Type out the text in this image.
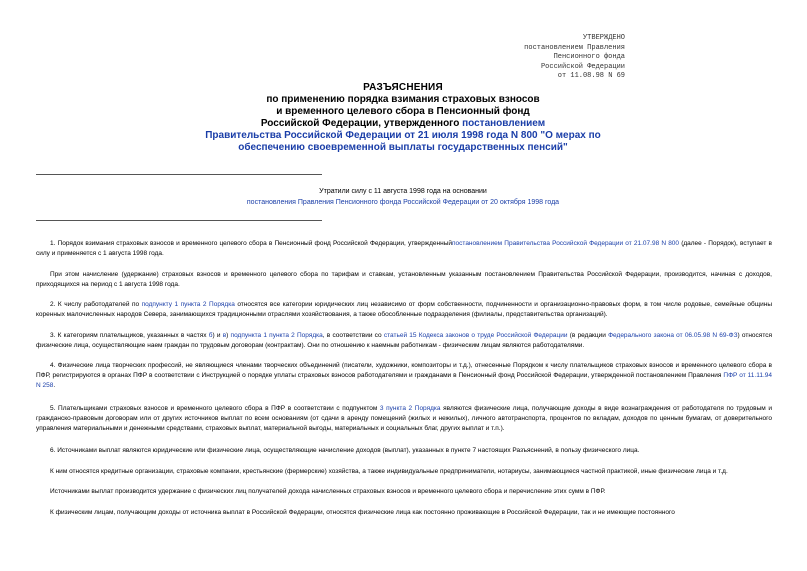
УТВЕРЖДЕНО
постановлением Правления
Пенсионного фонда
Российской Федерации
от 11.08.98 N 69
РАЗЪЯСНЕНИЯ
по применению порядка взимания страховых взносов
и временного целевого сбора в Пенсионный фонд
Российской Федерации, утвержденного постановлением
Правительства Российской Федерации от 21 июля 1998 года N 800 "О мерах по обеспечению своевременной выплаты государственных пенсий"
Утратили силу с 11 августа 1998 года на основании
постановления Правления Пенсионного фонда Российской Федерации от 20 октября 1998 года

1. Порядок взимания страховых взносов и временного целевого сбора в Пенсионный фонд Российской Федерации, утвержденныйпостановлением Правительства Российской Федерации от 21.07.98 N 800 (далее - Порядок), вступает в силу и применяется с 1 августа 1998 года.

При этом начисление (удержание) страховых взносов и временного целевого сбора по тарифам и ставкам, установленным указанным постановлением Правительства Российской Федерации, производится, начиная с доходов, приходящихся на период с 1 августа 1998 года.

2. К числу работодателей по подпункту 1 пункта 2 Порядка относятся все категории юридических лиц независимо от форм собственности, подчиненности и организационно-правовых форм, в том числе родовые, семейные общины коренных малочисленных народов Севера, занимающихся традиционными отраслями хозяйствования, а также обособленные подразделения (филиалы, представительства организаций).

3. К категориям плательщиков, указанных в частях б) и в) подпункта 1 пункта 2 Порядка, в соответствии со статьей 15 Кодекса законов о труде Российской Федерации (в редакции Федерального закона от 06.05.98 N 69-ФЗ) относятся физические лица, осуществляющие наем граждан по трудовым договорам (контрактам). Они по отношению к наемным работникам - физическим лицам являются работодателями.

4. Физические лица творческих профессий, не являющиеся членами творческих объединений (писатели, художники, композиторы и т.д.), отнесенные Порядком к числу плательщиков страховых взносов и временного целевого сбора в ПФР, регистрируются в органах ПФР в соответствии с Инструкцией о порядке уплаты страховых взносов работодателями и гражданами в Пенсионный фонд Российской Федерации, утвержденной постановлением Правления ПФР от 11.11.94 N 258.

5. Плательщиками страховых взносов и временного целевого сбора в ПФР в соответствии с подпунктом 3 пункта 2 Порядка являются физические лица, получающие доходы в виде вознаграждения от работодателя по трудовым и гражданско-правовым договорам или от других источников выплат по всем основаниям (от сдачи в аренду помещений (жилых и нежилых), личного автотранспорта, процентов по вкладам, доходов по ценным бумагам, от доверительного управления материальными и денежными средствами, страховых выплат, материальной выгоды, материальных и социальных благ, других выплат и т.п.).

6. Источниками выплат являются юридические или физические лица, осуществляющие начисление доходов (выплат), указанных в пункте 7 настоящих Разъяснений, в пользу физического лица.

К ним относятся кредитные организации, страховые компании, крестьянские (фермерские) хозяйства, а также индивидуальные предприниматели, нотариусы, занимающиеся частной практикой, иные физические лица и т.д.

Источниками выплат производится удержание с физических лиц получателей дохода начисленных страховых взносов и временного целевого сбора и перечисление этих сумм в ПФР.

К физическим лицам, получающим доходы от источника выплат в Российской Федерации, относятся физические лица как постоянно проживающие в Российской Федерации, так и не имеющие постоянного
